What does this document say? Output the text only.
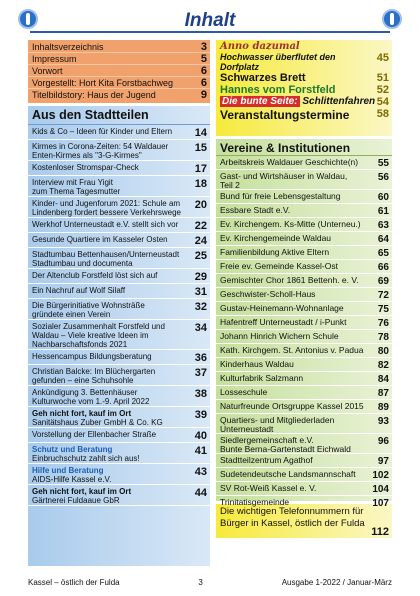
Inhalt
Inhaltsverzeichnis	3
Impressum	5
Vorwort	6
Vorgestellt: Hort Kita Forstbachweg	6
Titelbildstory: Haus der Jugend	9
Aus den Stadtteilen
Kids & Co – Ideen für Kinder und Eltern	14
Kirmes in Corona-Zeiten: 54 Waldauer
Enten-Kirmes als "3-G-Kirmes"
15
Kostenloser Stromspar-Check	17
Interview mit Frau Yigit
zum Thema Tagesmutter
18
Kinder- und Jugenforum 2021: Schule am
Lindenberg fordert bessere Verkehrswege
20
Werkhof Unterneustadt e.V. stellt sich vor	22
Gesunde Quartiere im Kasseler Osten	24
Stadtumbau Bettenhausen/Unterneustadt
Stadtumbau und documenta
25
Der Altenclub Forstfeld löst sich auf	29
Ein Nachruf auf Wolf Silaff	31
Die Bürgerinitiative Wohnsträße
gründete einen Verein
32
Sozialer Zusammenhalt Forstfeld und
Waldau – Viele kreative Ideen im Nachbarschaftsfonds 2021
34
Hessencampus Bildungsberatung	36
Christian Balcke: Im Blüchergarten
gefunden – eine Schuhsohle
37
Ankündigung 3. Bettenhäuser
Kulturwoche vom 1.-9. April 2022
38
Geh nicht fort, kauf im Ort
Sanitätshaus Zuber GmbH & Co. KG
39
Vorstellung der Ellenbacher Straße	40
Schutz und Beratung
Einbruchschutz zahlt sich aus!
41
Hilfe und Beratung
AIDS-Hilfe Kassel e.V.
43
Geh nicht fort, kauf im Ort
Gärtnerei Fuldaaue GbR
44
Anno dazumal
Hochwasser überflutet den Dorfplatz
45
Schwarzes Brett	51
Hannes vom Forstfeld	52
Die bunte Seite: Schlittenfahren 54
Veranstaltungstermine 58
Vereine & Institutionen
Arbeitskreis Waldauer Geschichte(n)	55
Gast- und Wirtshäuser in Waldau,
Teil 2
56
Bund für freie Lebensgestaltung	60
Essbare Stadt e.V.	61
Ev. Kirchengem. Ks-Mitte (Unterneu.)	63
Ev. Kirchengemeinde Waldau	64
Familienbildung Aktive Eltern	65
Freie ev. Gemeinde Kassel-Ost	66
Gemischter Chor 1861 Bettenh. e. V.	69
Geschwister-Scholl-Haus	72
Gustav-Heinemann-Wohnanlage	75
Hafentreff Unterneustadt / i-Punkt	76
Johann Hinrich Wichern Schule	78
Kath. Kirchgem. St. Antonius v. Padua	80
Kinderhaus Waldau	82
Kulturfabrik Salzmann	84
Losseschule	87
Naturfreunde Ortsgruppe Kassel 2015	89
Quartiers- und Mitgliederladen
Unterneustadt
93
Siedlergemeinschaft e.V.
Bunte Berna-Gartenstadt Eichwald
96
Stadtteilzentrum Agathof	97
Sudetendeutsche Landsmannschaft	102
SV Rot-Weiß Kassel e. V.	104
Trinitatisgemeinde	107
Die wichtigen Telefonnummern für
Bürger in Kassel, östlich der Fulda
112
Kassel – östlich der Fulda	3	Ausgabe 1-2022 / Januar-März
